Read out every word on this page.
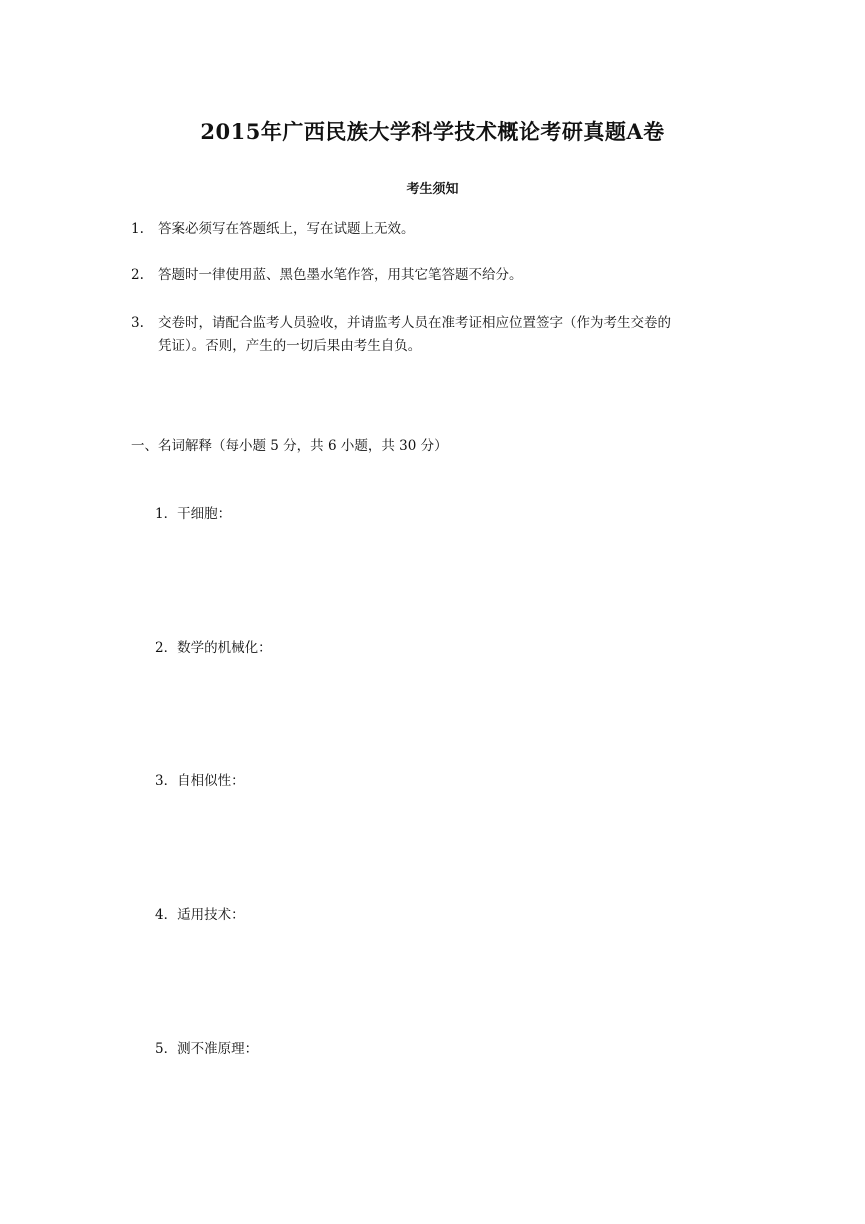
2015年广西民族大学科学技术概论考研真题A卷
考生须知
1. 答案必须写在答题纸上，写在试题上无效。
2. 答题时一律使用蓝、黑色墨水笔作答，用其它笔答题不给分。
3. 交卷时，请配合监考人员验收，并请监考人员在准考证相应位置签字（作为考生交卷的
凭证）。否则，产生的一切后果由考生自负。
一、名词解释（每小题 5 分，共 6 小题，共 30 分）
1．干细胞：
2．数学的机械化：
3．自相似性：
4．适用技术：
5．测不准原理：
